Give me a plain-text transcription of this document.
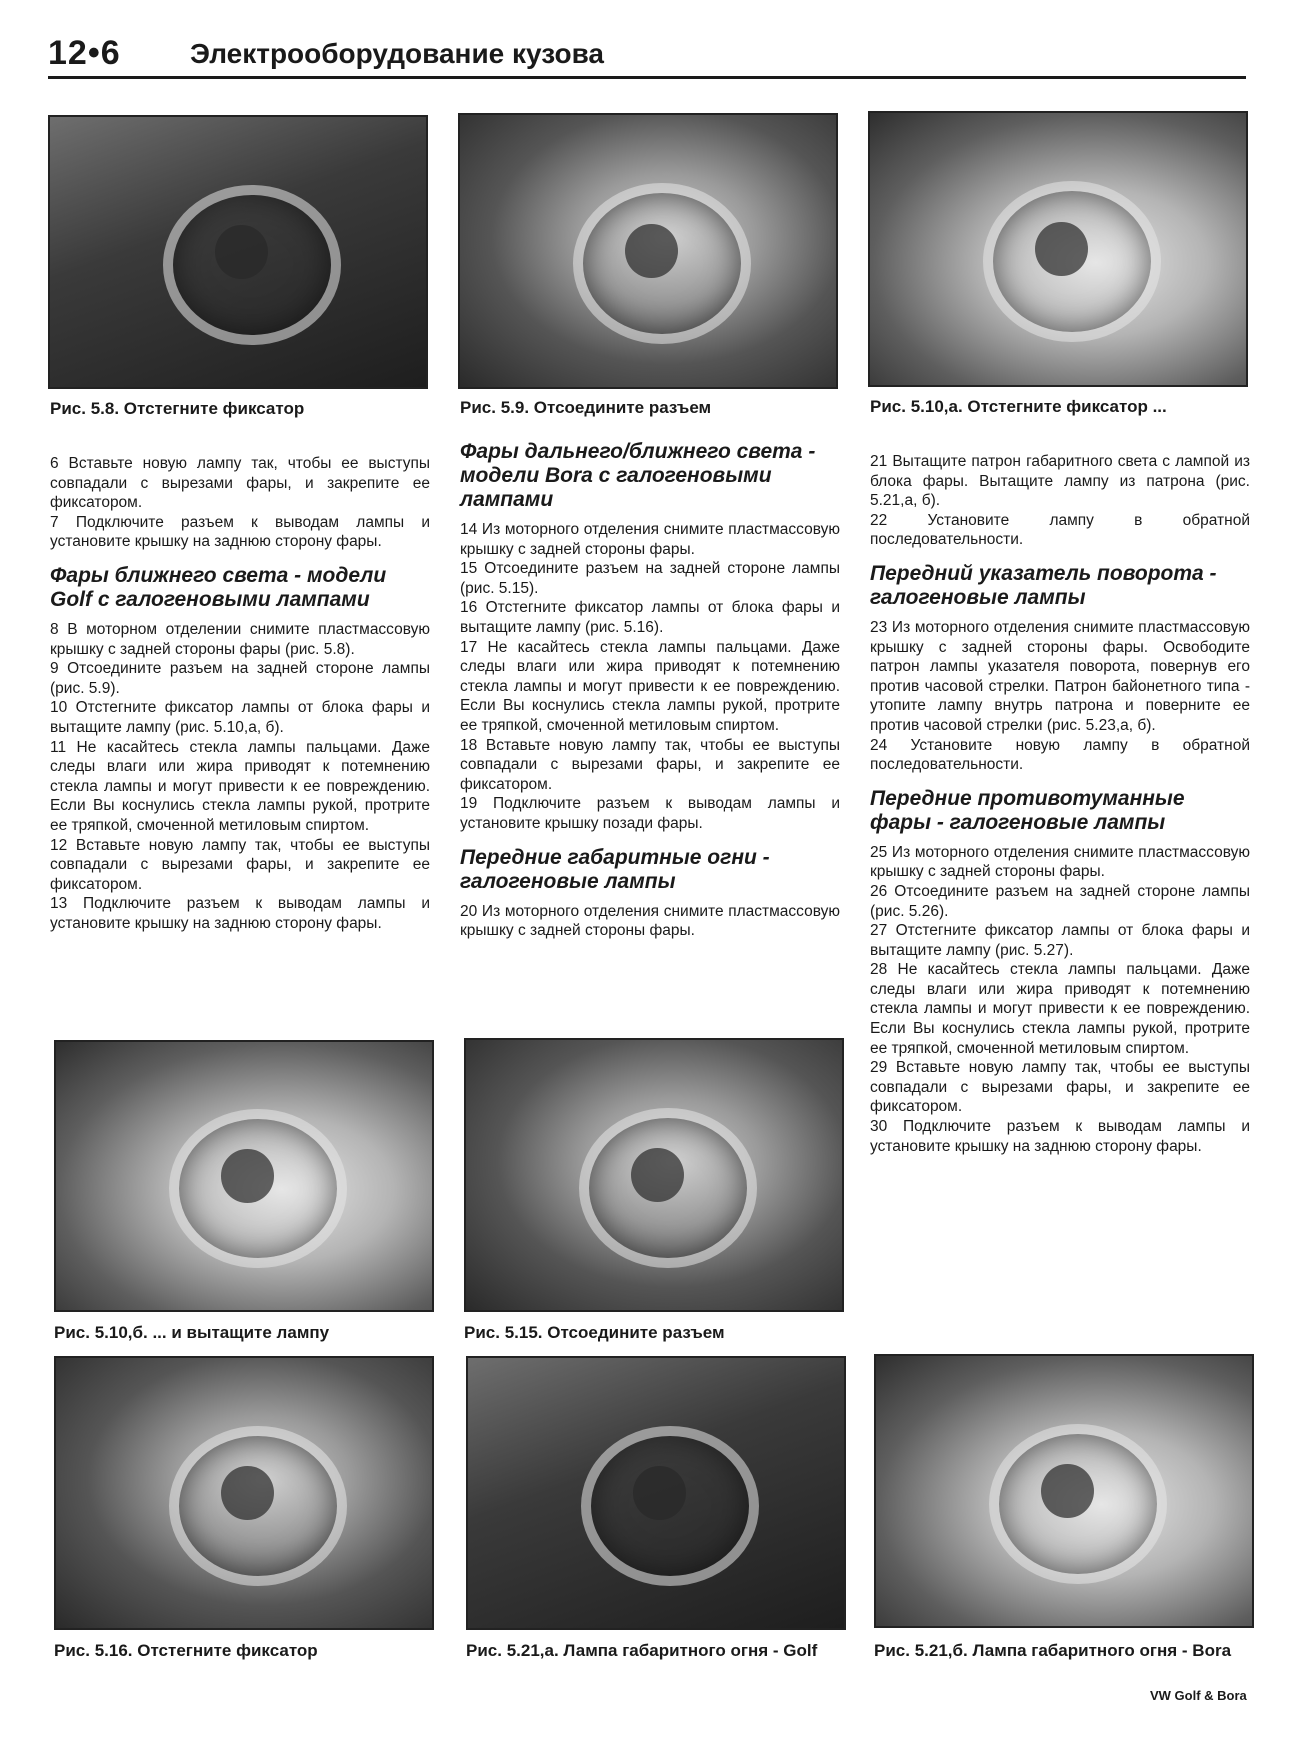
12•6 Электрооборудование кузова
Рис. 5.8. Отстегните фиксатор	Рис. 5.9. Отсоедините разъем	Рис. 5.10,а. Отстегните фиксатор ...

6 Вставьте новую лампу так, чтобы ее выступы совпадали с вырезами фары, и закрепите ее фиксатором.

7 Подключите разъем к выводам лампы и установите крышку на заднюю сторону фары.

Фары ближнего света - модели Golf с галогеновыми лампами

8 В моторном отделении снимите пластмассовую крышку с задней стороны фары (рис. 5.8).

9 Отсоедините разъем на задней стороне лампы (рис. 5.9).

10 Отстегните фиксатор лампы от блока фары и вытащите лампу (рис. 5.10,а, б).

11 Не касайтесь стекла лампы пальцами. Даже следы влаги или жира приводят к потемнению стекла лампы и могут привести к ее повреждению. Если Вы коснулись стекла лампы рукой, протрите ее тряпкой, смоченной метиловым спиртом.

12 Вставьте новую лампу так, чтобы ее выступы совпадали с вырезами фары, и закрепите ее фиксатором.

13 Подключите разъем к выводам лампы и установите крышку на заднюю сторону фары.

Фары дальнего/ближнего света - модели Bora с галогеновыми лампами

14 Из моторного отделения снимите пластмассовую крышку с задней стороны фары.

15 Отсоедините разъем на задней стороне лампы (рис. 5.15).

16 Отстегните фиксатор лампы от блока фары и вытащите лампу (рис. 5.16).

17 Не касайтесь стекла лампы пальцами. Даже следы влаги или жира приводят к потемнению стекла лампы и могут привести к ее повреждению. Если Вы коснулись стекла лампы рукой, протрите ее тряпкой, смоченной метиловым спиртом.

18 Вставьте новую лампу так, чтобы ее выступы совпадали с вырезами фары, и закрепите ее фиксатором.

19 Подключите разъем к выводам лампы и установите крышку позади фары.

Передние габаритные огни - галогеновые лампы

20 Из моторного отделения снимите пластмассовую крышку с задней стороны фары.

21 Вытащите патрон габаритного света с лампой из блока фары. Вытащите лампу из патрона (рис. 5.21,а, б).

22 Установите лампу в обратной последовательности.

Передний указатель поворота - галогеновые лампы

23 Из моторного отделения снимите пластмассовую крышку с задней стороны фары. Освободите патрон лампы указателя поворота, повернув его против часовой стрелки. Патрон байонетного типа - утопите лампу внутрь патрона и поверните ее против часовой стрелки (рис. 5.23,а, б).

24 Установите новую лампу в обратной последовательности.

Передние противотуманные фары - галогеновые лампы

25 Из моторного отделения снимите пластмассовую крышку с задней стороны фары.

26 Отсоедините разъем на задней стороне лампы (рис. 5.26).

27 Отстегните фиксатор лампы от блока фары и вытащите лампу (рис. 5.27).

28 Не касайтесь стекла лампы пальцами. Даже следы влаги или жира приводят к потемнению стекла лампы и могут привести к ее повреждению. Если Вы коснулись стекла лампы рукой, протрите ее тряпкой, смоченной метиловым спиртом.

29 Вставьте новую лампу так, чтобы ее выступы совпадали с вырезами фары, и закрепите ее фиксатором.

30 Подключите разъем к выводам лампы и установите крышку на заднюю сторону фары.

Рис. 5.10,б. ... и вытащите лампу	Рис. 5.15. Отсоедините разъем
Рис. 5.16. Отстегните фиксатор	Рис. 5.21,а. Лампа габаритного огня - Golf	Рис. 5.21,б. Лампа габаритного огня - Bora
VW Golf & Bora
